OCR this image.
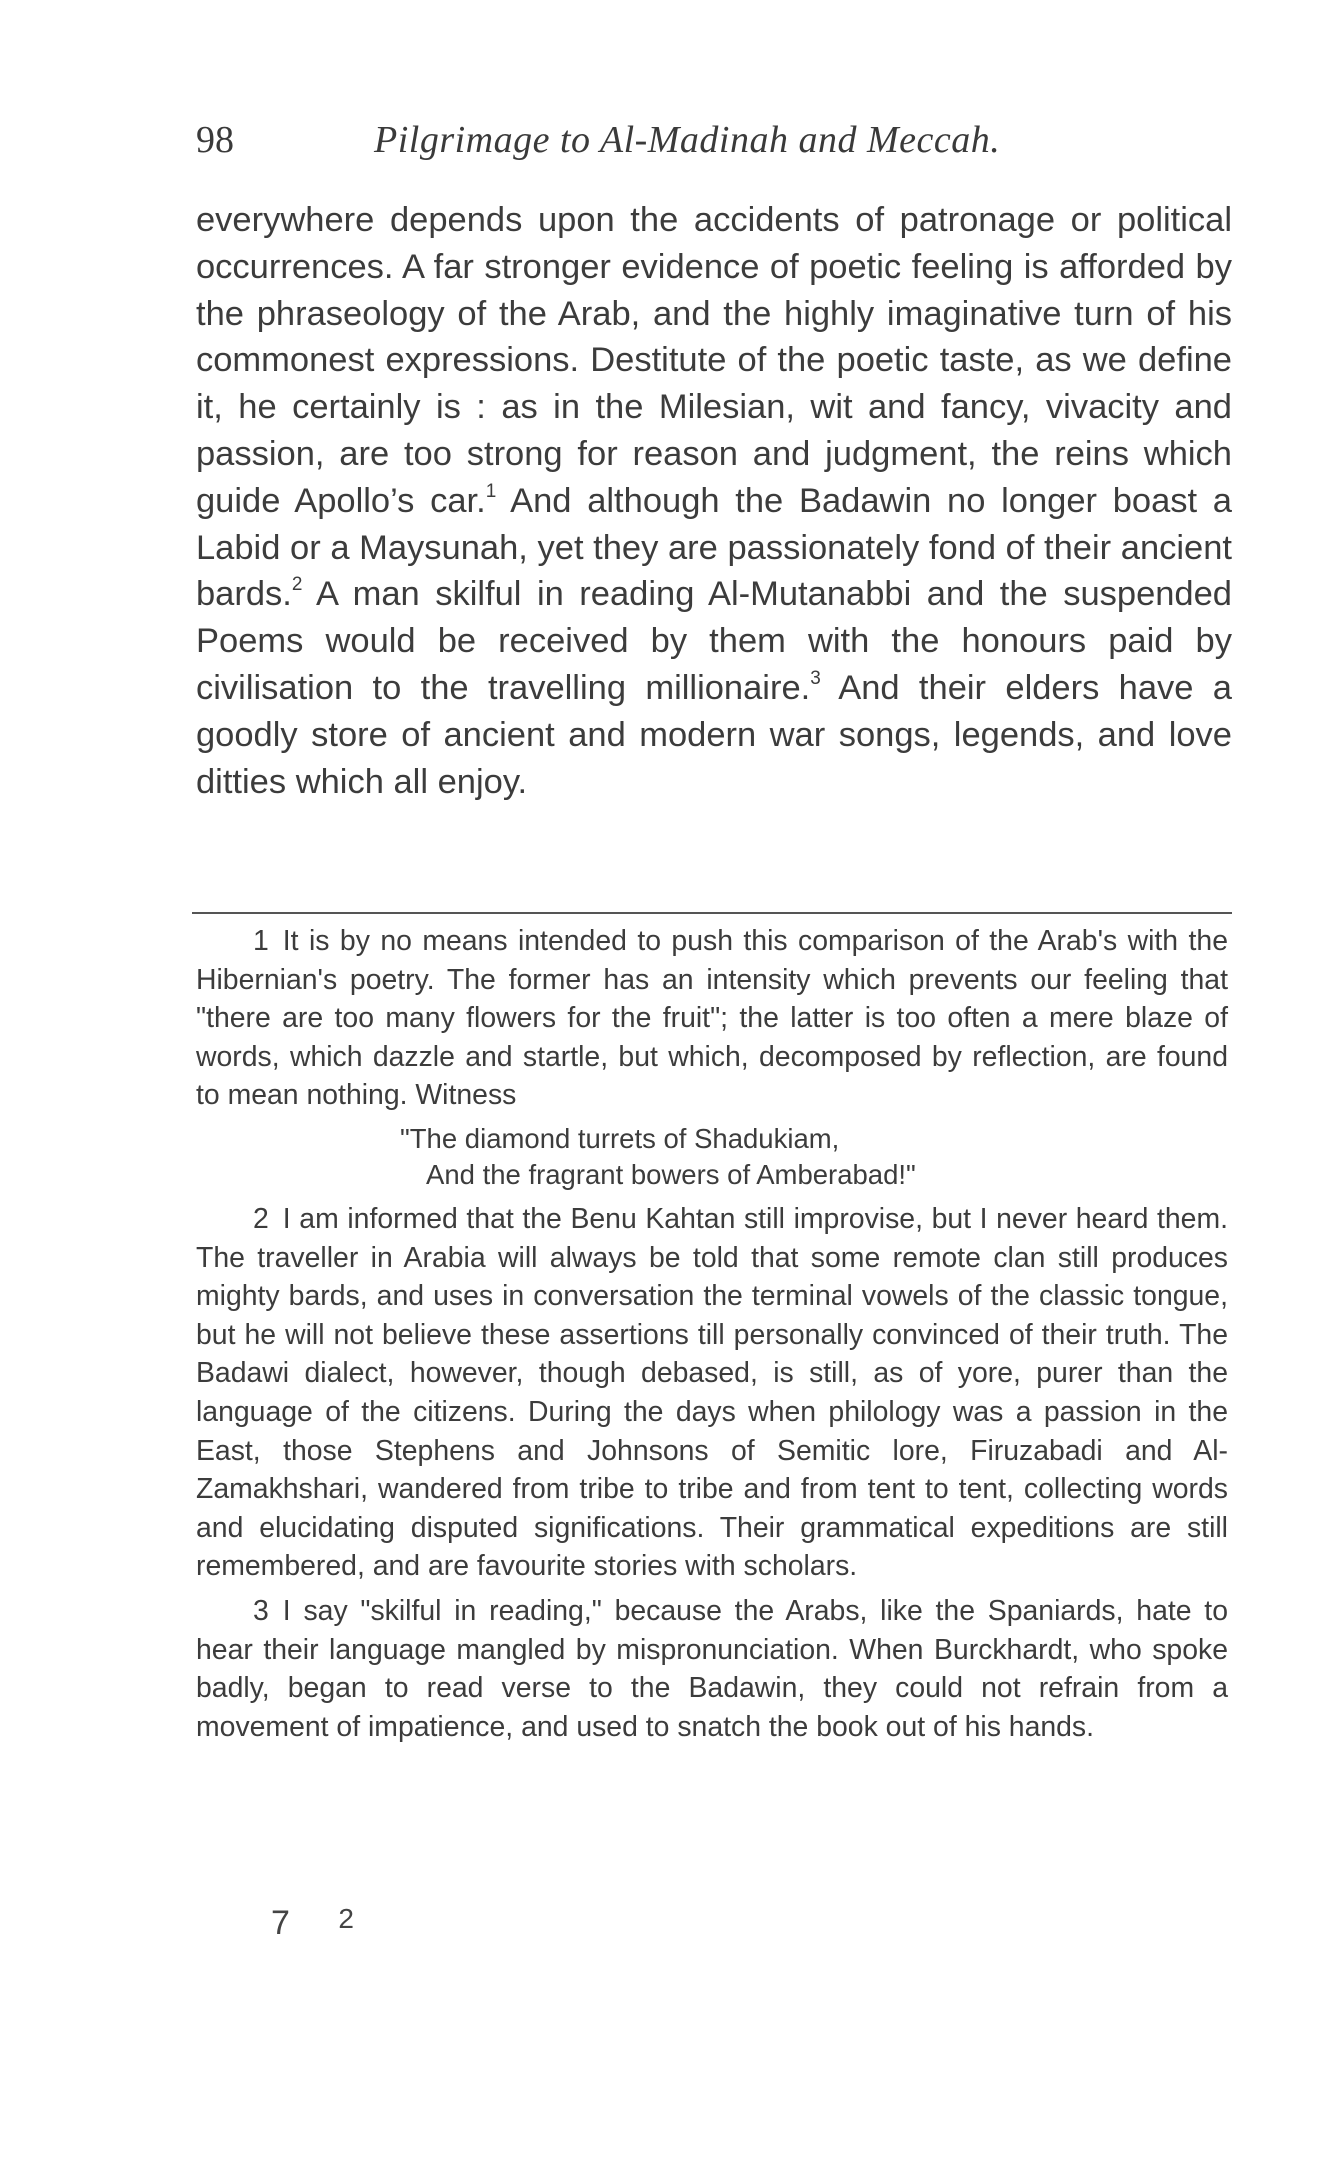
98	Pilgrimage to Al-Madinah and Meccah.

everywhere depends upon the accidents of patronage or political occurrences. A far stronger evidence of poetic feeling is afforded by the phraseology of the Arab, and the highly imaginative turn of his commonest expressions. Destitute of the poetic taste, as we define it, he certainly is : as in the Milesian, wit and fancy, vivacity and passion, are too strong for reason and judgment, the reins which guide Apollo’s car.$^1$ And although the Badawin no longer boast a Labid or a Maysunah, yet they are passionately fond of their ancient bards.$^2$ A man skilful in reading Al-Mutanabbi and the suspended Poems would be received by them with the honours paid by civilisation to the travelling millionaire.$^3$ And their elders have a goodly store of ancient and modern war songs, legends, and love ditties which all enjoy.

1 It is by no means intended to push this comparison of the Arab's with the Hibernian's poetry. The former has an intensity which prevents our feeling that "there are too many flowers for the fruit"; the latter is too often a mere blaze of words, which dazzle and startle, but which, decomposed by reflection, are found to mean nothing. Witness

"The diamond turrets of Shadukiam,
And the fragrant bowers of Amberabad!"

2 I am informed that the Benu Kahtan still improvise, but I never heard them. The traveller in Arabia will always be told that some remote clan still produces mighty bards, and uses in conversation the terminal vowels of the classic tongue, but he will not believe these assertions till personally convinced of their truth. The Badawi dialect, however, though debased, is still, as of yore, purer than the language of the citizens. During the days when philology was a passion in the East, those Stephens and Johnsons of Semitic lore, Firuzabadi and Al-Zamakhshari, wandered from tribe to tribe and from tent to tent, collecting words and elucidating disputed significations. Their grammatical expeditions are still remembered, and are favourite stories with scholars.

3 I say "skilful in reading," because the Arabs, like the Spaniards, hate to hear their language mangled by mispronunciation. When Burckhardt, who spoke badly, began to read verse to the Badawin, they could not refrain from a movement of impatience, and used to snatch the book out of his hands.

7 2
